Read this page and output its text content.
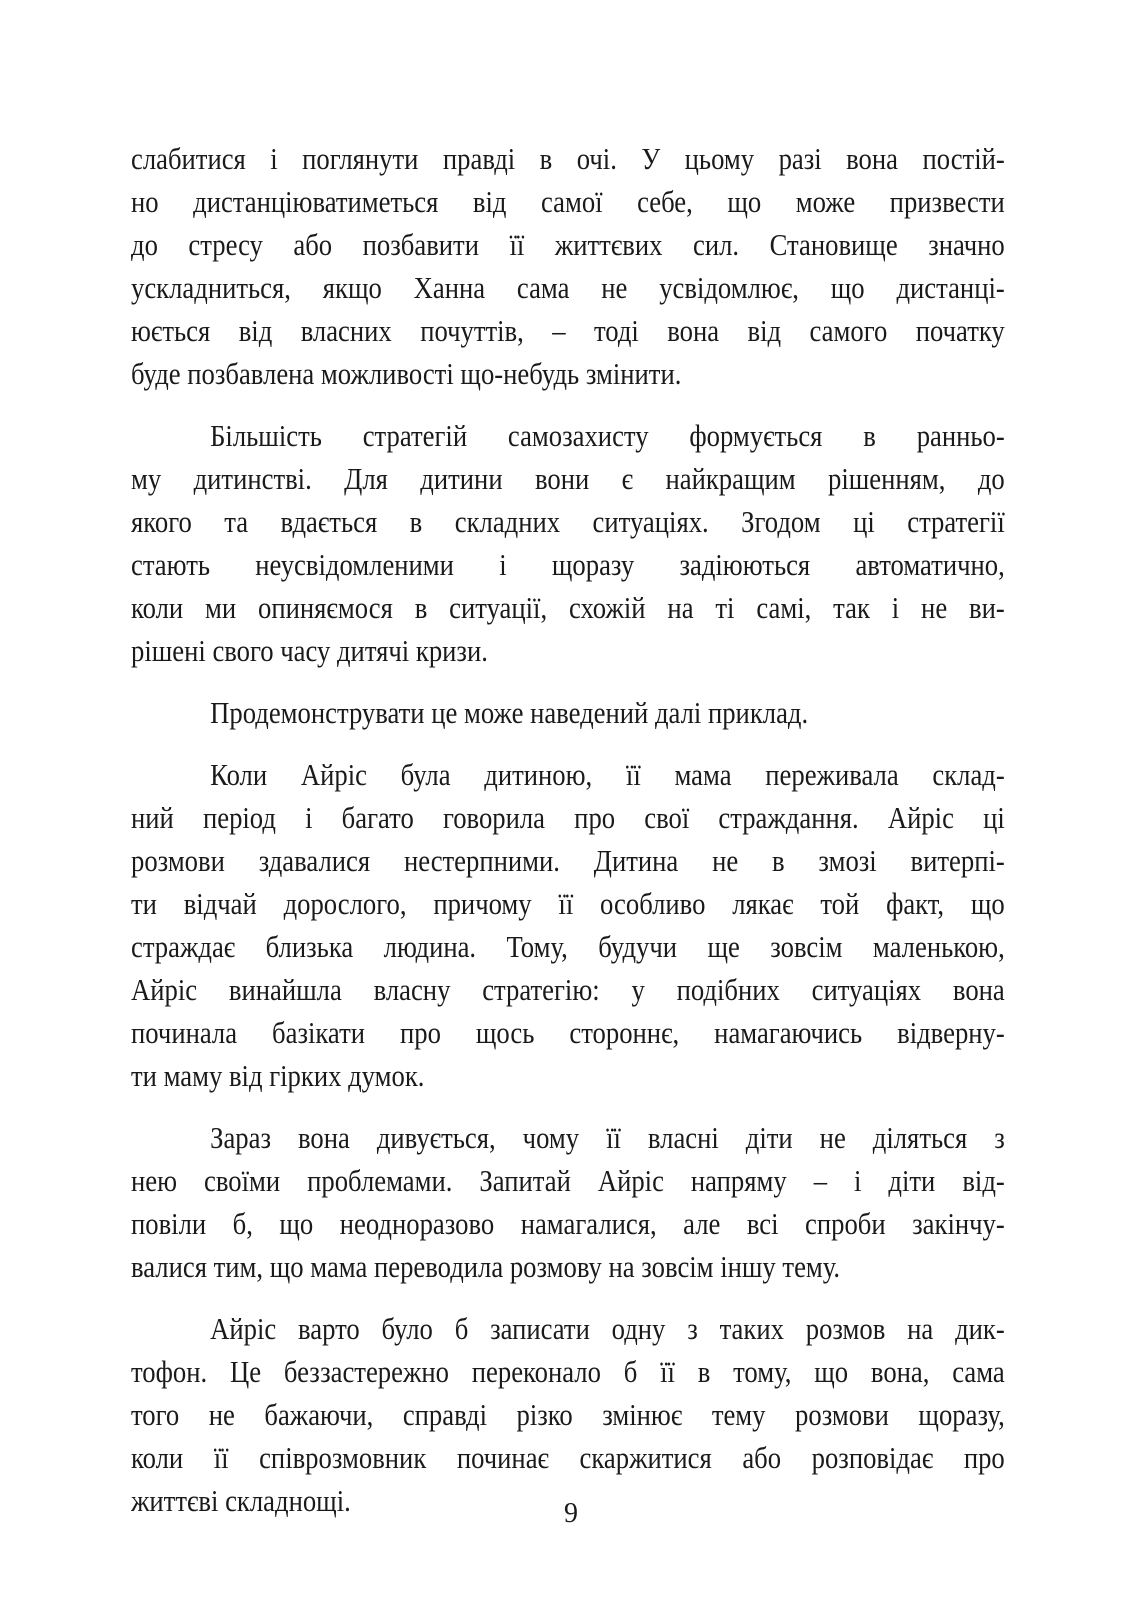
слабитися і поглянути правді в очі. У цьому разі вона постій-
но дистанціюватиметься від самої себе, що може призвести
до стресу або позбавити її життєвих сил. Становище значно
ускладниться, якщо Ханна сама не усвідомлює, що дистанці-
юється від власних почуттів, – тоді вона від самого початку
буде позбавлена можливості що-небудь змінити.
Більшість стратегій самозахисту формується в ранньо-
му дитинстві. Для дитини вони є найкращим рішенням, до
якого та вдається в складних ситуаціях. Згодом ці стратегії
стають неусвідомленими і щоразу задіюються автоматично,
коли ми опиняємося в ситуації, схожій на ті самі, так і не ви-
рішені свого часу дитячі кризи.
Продемонструвати це може наведений далі приклад.
Коли Айріс була дитиною, її мама переживала склад-
ний період і багато говорила про свої страждання. Айріс ці
розмови здавалися нестерпними. Дитина не в змозі витерпі-
ти відчай дорослого, причому її особливо лякає той факт, що
страждає близька людина. Тому, будучи ще зовсім маленькою,
Айріс винайшла власну стратегію: у подібних ситуаціях вона
починала базікати про щось стороннє, намагаючись відверну-
ти маму від гірких думок.
Зараз вона дивується, чому її власні діти не діляться з
нею своїми проблемами. Запитай Айріс напряму – і діти від-
повіли б, що неодноразово намагалися, але всі спроби закінчу-
валися тим, що мама переводила розмову на зовсім іншу тему.
Айріс варто було б записати одну з таких розмов на дик-
тофон. Це беззастережно переконало б її в тому, що вона, сама
того не бажаючи, справді різко змінює тему розмови щоразу,
коли її співрозмовник починає скаржитися або розповідає про
життєві складнощі.	9
